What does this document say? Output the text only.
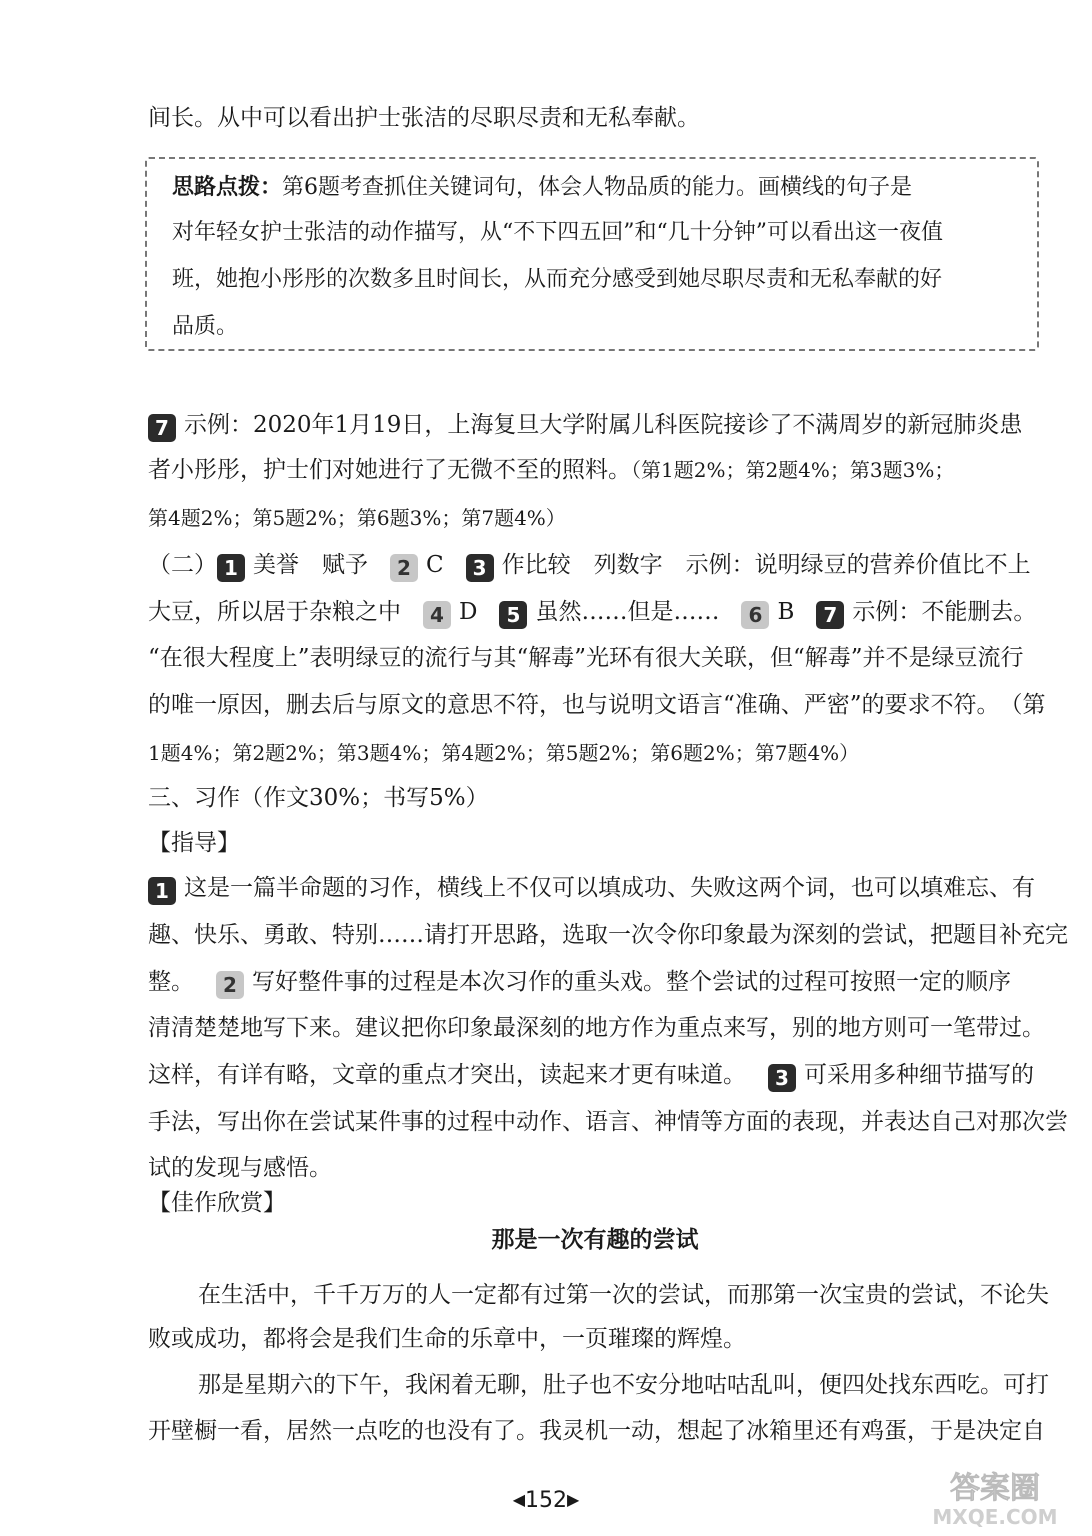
间长。从中可以看出护士张洁的尽职尽责和无私奉献。
思路点拨：第6题考查抓住关键词句，体会人物品质的能力。画横线的句子是
对年轻女护士张洁的动作描写，从“不下四五回”和“几十分钟”可以看出这一夜值
班，她抱小彤彤的次数多且时间长，从而充分感受到她尽职尽责和无私奉献的好
品质。
7 示例：2020年1月19日，上海复旦大学附属儿科医院接诊了不满周岁的新冠肺炎患
者小彤彤，护士们对她进行了无微不至的照料。（第1题2%；第2题4%；第3题3%；
第4题2%；第5题2%；第6题3%；第7题4%）
（二） 1 美誉　赋予 2 C 3 作比较　列数字　示例：说明绿豆的营养价值比不上
大豆，所以居于杂粮之中 4 D 5 虽然……但是…… 6 B 7 示例：不能删去。
“在很大程度上”表明绿豆的流行与其“解毒”光环有很大关联，但“解毒”并不是绿豆流行
的唯一原因，删去后与原文的意思不符，也与说明文语言“准确、严密”的要求不符。　（第
1题4%；第2题2%；第3题4%；第4题2%；第5题2%；第6题2%；第7题4%）
三、习作（作文30%；书写5%）
【指导】
1 这是一篇半命题的习作，横线上不仅可以填成功、失败这两个词，也可以填难忘、有
趣、快乐、勇敢、特别……请打开思路，选取一次令你印象最为深刻的尝试，把题目补充完
整。 2 写好整件事的过程是本次习作的重头戏。整个尝试的过程可按照一定的顺序
清清楚楚地写下来。建议把你印象最深刻的地方作为重点来写，别的地方则可一笔带过。
这样，有详有略，文章的重点才突出，读起来才更有味道。 3 可采用多种细节描写的
手法，写出你在尝试某件事的过程中动作、语言、神情等方面的表现，并表达自己对那次尝
试的发现与感悟。
【佳作欣赏】
那是一次有趣的尝试
在生活中，千千万万的人一定都有过第一次的尝试，而那第一次宝贵的尝试，不论失
败或成功，都将会是我们生命的乐章中，一页璀璨的辉煌。
那是星期六的下午，我闲着无聊，肚子也不安分地咕咕乱叫，便四处找东西吃。可打
开壁橱一看，居然一点吃的也没有了。我灵机一动，想起了冰箱里还有鸡蛋，于是决定自
◀152▶	答案圈
MXQE.COM
